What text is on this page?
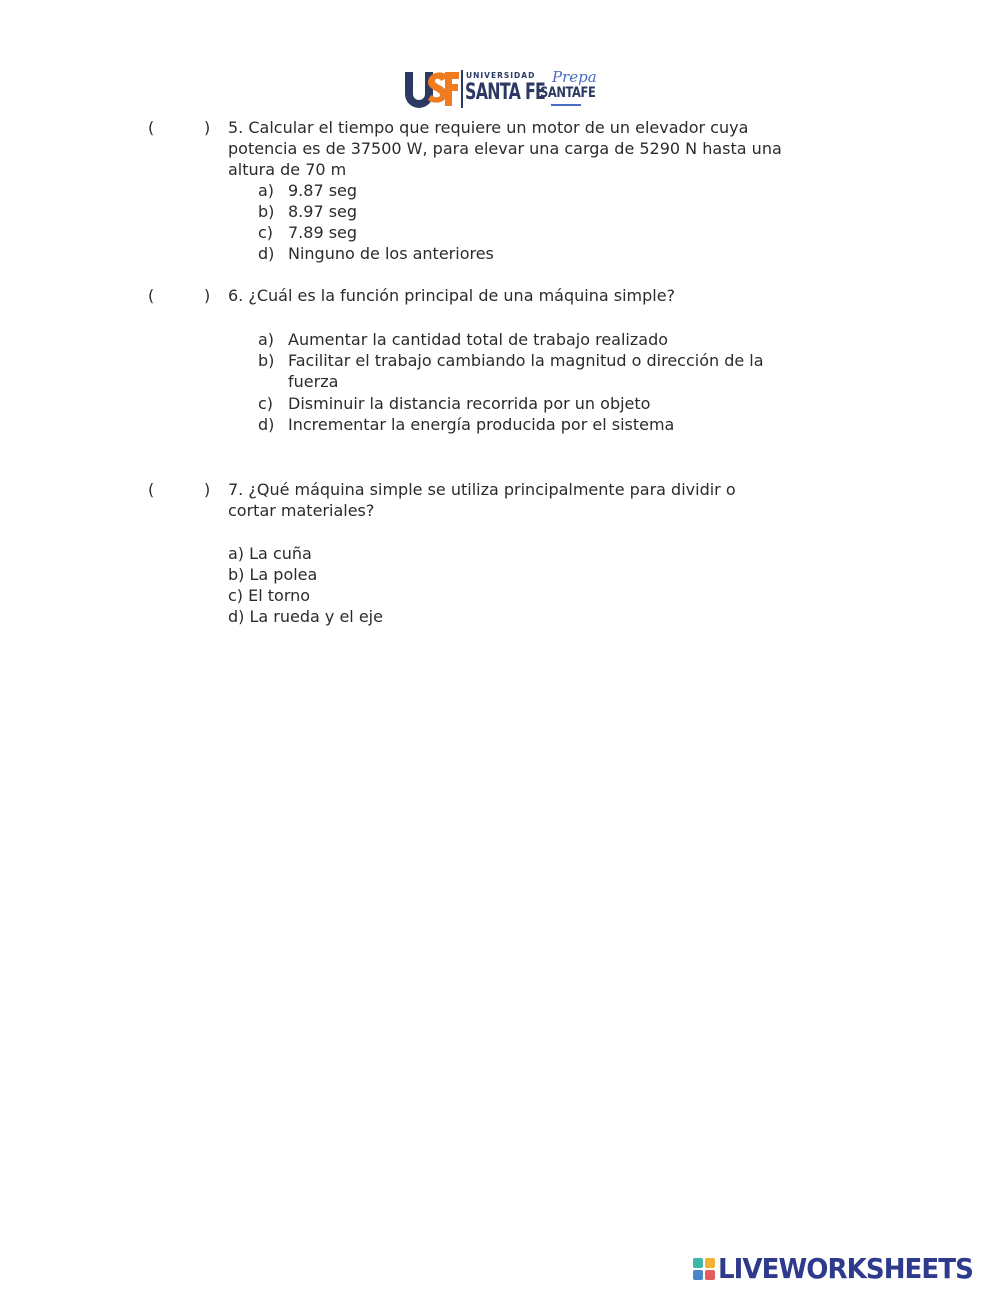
UNIVERSIDAD
SANTA FE
Prepa
SANTAFE
(	) 5. Calcular el tiempo que requiere un motor de un elevador cuya
potencia es de 37500 W, para elevar una carga de 5290 N hasta una
altura de 70 m
a) 9.87 seg
b) 8.97 seg
c) 7.89 seg
d) Ninguno de los anteriores
(	) 6. ¿Cuál es la función principal de una máquina simple?
a) Aumentar la cantidad total de trabajo realizado
b) Facilitar el trabajo cambiando la magnitud o dirección de la
fuerza
c) Disminuir la distancia recorrida por un objeto
d) Incrementar la energía producida por el sistema
(	) 7. ¿Qué máquina simple se utiliza principalmente para dividir o
cortar materiales?
a) La cuña
b) La polea
c) El torno
d) La rueda y el eje
LIVEWORKSHEETS
